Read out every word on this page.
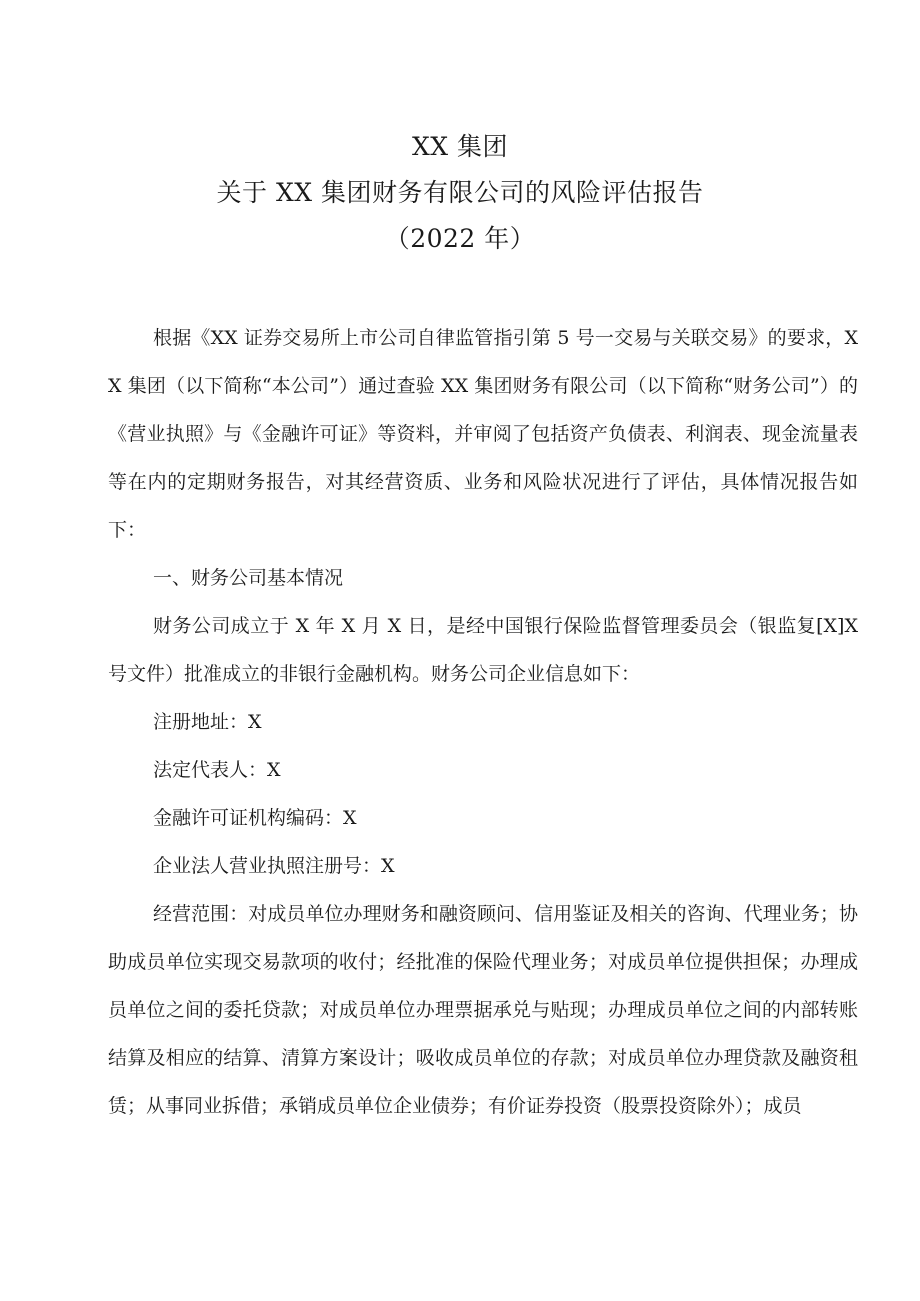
XX 集团
关于 XX 集团财务有限公司的风险评估报告
（2022 年）

根据《XX 证券交易所上市公司自律监管指引第 5 号一交易与关联交易》的要求，XX 集团（以下简称“本公司”）通过查验 XX 集团财务有限公司（以下简称“财务公司”）的《营业执照》与《金融许可证》等资料，并审阅了包括资产负债表、利润表、现金流量表等在内的定期财务报告，对其经营资质、业务和风险状况进行了评估，具体情况报告如下：

一、财务公司基本情况

财务公司成立于 X 年 X 月 X 日，是经中国银行保险监督管理委员会（银监复[X]X 号文件）批准成立的非银行金融机构。财务公司企业信息如下：

注册地址：X

法定代表人：X

金融许可证机构编码：X

企业法人营业执照注册号：X

经营范围：对成员单位办理财务和融资顾问、信用鉴证及相关的咨询、代理业务；协助成员单位实现交易款项的收付；经批准的保险代理业务；对成员单位提供担保；办理成员单位之间的委托贷款；对成员单位办理票据承兑与贴现；办理成员单位之间的内部转账结算及相应的结算、清算方案设计；吸收成员单位的存款；对成员单位办理贷款及融资租赁；从事同业拆借；承销成员单位企业债券；有价证券投资（股票投资除外）；成员
